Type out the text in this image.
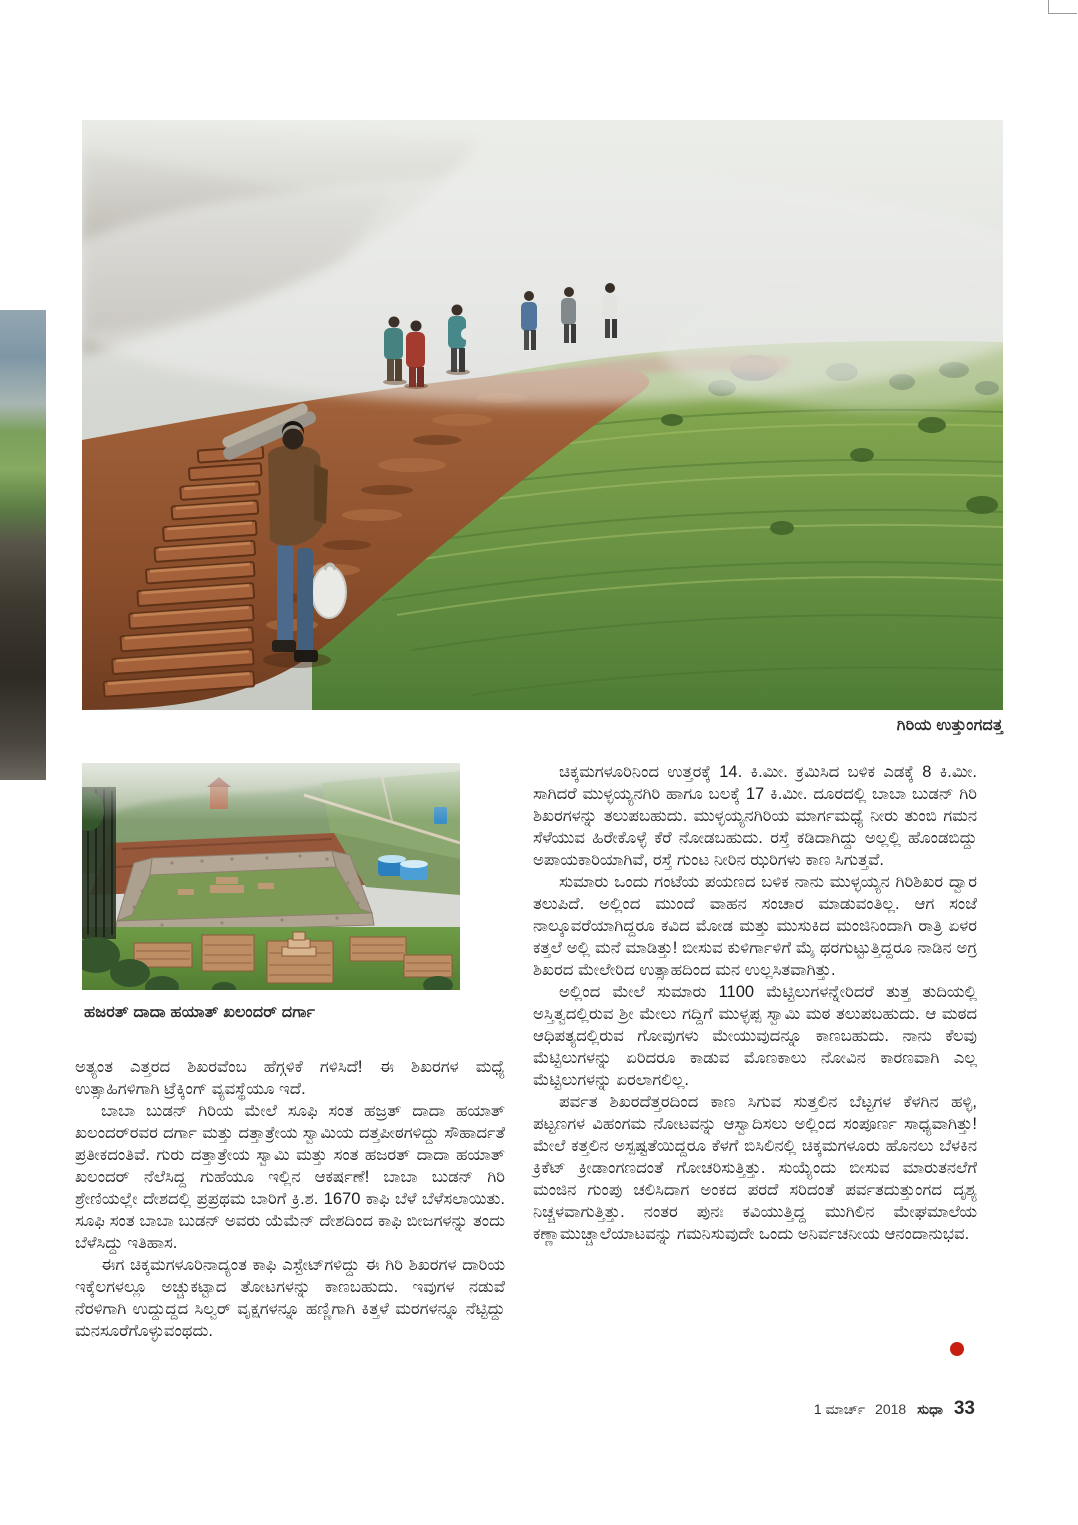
ಗಿರಿಯ ಉತ್ತುಂಗದತ್ತ
ಹಜರತ್ ದಾದಾ ಹಯಾತ್ ಖಲಂದರ್ ದರ್ಗಾ

ಅತ್ಯಂತ ಎತ್ತರದ ಶಿಖರವೆಂಬ ಹೆಗ್ಗಳಿಕೆ ಗಳಿಸಿದೆ! ಈ ಶಿಖರಗಳ ಮಧ್ಯೆ ಉತ್ಸಾಹಿಗಳಿಗಾಗಿ ಟ್ರೆಕ್ಕಿಂಗ್ ವ್ಯವಸ್ಥೆಯೂ ಇದೆ.

ಬಾಬಾ ಬುಡನ್ ಗಿರಿಯ ಮೇಲೆ ಸೂಫಿ ಸಂತ ಹಜ್ರತ್ ದಾದಾ ಹಯಾತ್ ಖಲಂದರ್‌ರವರ ದರ್ಗಾ ಮತ್ತು ದತ್ತಾತ್ರೇಯ ಸ್ವಾಮಿಯ ದತ್ತಪೀಠಗಳಿದ್ದು ಸೌಹಾರ್ದತೆ ಪ್ರತೀಕದಂತಿವೆ. ಗುರು ದತ್ತಾತ್ರೇಯ ಸ್ವಾಮಿ ಮತ್ತು ಸಂತ ಹಜರತ್ ದಾದಾ ಹಯಾತ್ ಖಲಂದರ್ ನೆಲೆಸಿದ್ದ ಗುಹೆಯೂ ಇಲ್ಲಿನ ಆಕರ್ಷಣೆ! ಬಾಬಾ ಬುಡನ್ ಗಿರಿ ಶ್ರೇಣಿಯಲ್ಲೇ ದೇಶದಲ್ಲಿ ಪ್ರಪ್ರಥಮ ಬಾರಿಗೆ ಕ್ರಿ.ಶ. 1670 ಕಾಫಿ ಬೆಳೆ ಬೆಳೆಸಲಾಯಿತು. ಸೂಫಿ ಸಂತ ಬಾಬಾ ಬುಡನ್ ಅವರು ಯೆಮೆನ್ ದೇಶದಿಂದ ಕಾಫಿ ಬೀಜಗಳನ್ನು ತಂದು ಬೆಳೆಸಿದ್ದು ಇತಿಹಾಸ.

ಈಗ ಚಿಕ್ಕಮಗಳೂರಿನಾದ್ಯಂತ ಕಾಫಿ ಎಸ್ಟೇಟ್‌ಗಳಿದ್ದು ಈ ಗಿರಿ ಶಿಖರಗಳ ದಾರಿಯ ಇಕ್ಕೆಲಗಳಲ್ಲೂ ಅಚ್ಚುಕಟ್ಟಾದ ತೋಟಗಳನ್ನು ಕಾಣಬಹುದು. ಇವುಗಳ ನಡುವೆ ನೆರಳಿಗಾಗಿ ಉದ್ದುದ್ದದ ಸಿಲ್ವರ್ ವೃಕ್ಷಗಳನ್ನೂ ಹಣ್ಣಿಗಾಗಿ ಕಿತ್ತಳೆ ಮರಗಳನ್ನೂ ನೆಟ್ಟಿದ್ದು ಮನಸೂರೆಗೊಳ್ಳುವಂಥದು.

ಚಿಕ್ಕಮಗಳೂರಿನಿಂದ ಉತ್ತರಕ್ಕೆ 14. ಕಿ.ಮೀ. ಕ್ರಮಿಸಿದ ಬಳಿಕ ಎಡಕ್ಕೆ 8 ಕಿ.ಮೀ. ಸಾಗಿದರೆ ಮುಳ್ಳಯ್ಯನಗಿರಿ ಹಾಗೂ ಬಲಕ್ಕೆ 17 ಕಿ.ಮೀ. ದೂರದಲ್ಲಿ ಬಾಬಾ ಬುಡನ್ ಗಿರಿ ಶಿಖರಗಳನ್ನು ತಲುಪಬಹುದು. ಮುಳ್ಳಯ್ಯನಗಿರಿಯ ಮಾರ್ಗಮಧ್ಯೆ ನೀರು ತುಂಬಿ ಗಮನ ಸೆಳೆಯುವ ಹಿರೇಕೊಳ್ಳೆ ಕೆರೆ ನೋಡಬಹುದು. ರಸ್ತೆ ಕಡಿದಾಗಿದ್ದು ಅಲ್ಲಲ್ಲಿ ಹೊಂಡಬಿದ್ದು ಅಪಾಯಕಾರಿಯಾಗಿವೆ, ರಸ್ತೆ ಗುಂಟ ನೀರಿನ ಝರಿಗಳು ಕಾಣ ಸಿಗುತ್ತವೆ.

ಸುಮಾರು ಒಂದು ಗಂಟೆಯ ಪಯಣದ ಬಳಿಕ ನಾನು ಮುಳ್ಳಯ್ಯನ ಗಿರಿಶಿಖರ ದ್ವಾರ ತಲುಪಿದೆ. ಅಲ್ಲಿಂದ ಮುಂದೆ ವಾಹನ ಸಂಚಾರ ಮಾಡುವಂತಿಲ್ಲ. ಆಗ ಸಂಜೆ ನಾಲ್ಕೂವರೆಯಾಗಿದ್ದರೂ ಕವಿದ ಮೋಡ ಮತ್ತು ಮುಸುಕಿದ ಮಂಜಿನಿಂದಾಗಿ ರಾತ್ರಿ ಏಳರ ಕತ್ತಲೆ ಅಲ್ಲಿ ಮನೆ ಮಾಡಿತ್ತು! ಬೀಸುವ ಕುಳಿರ್ಗಾಳಿಗೆ ಮೈ ಥರಗುಟ್ಟುತ್ತಿದ್ದರೂ ನಾಡಿನ ಅಗ್ರ ಶಿಖರದ ಮೇಲೇರಿದ ಉತ್ಸಾಹದಿಂದ ಮನ ಉಲ್ಲಸಿತವಾಗಿತ್ತು.

ಅಲ್ಲಿಂದ ಮೇಲೆ ಸುಮಾರು 1100 ಮೆಟ್ಟಿಲುಗಳನ್ನೇರಿದರೆ ತುತ್ತ ತುದಿಯಲ್ಲಿ ಅಸ್ತಿತ್ವದಲ್ಲಿರುವ ಶ್ರೀ ಮೇಲು ಗದ್ದಿಗೆ ಮುಳ್ಳಪ್ಪ ಸ್ವಾಮಿ ಮಠ ತಲುಪಬಹುದು. ಆ ಮಠದ ಆಧಿಪತ್ಯದಲ್ಲಿರುವ ಗೋವುಗಳು ಮೇಯುವುದನ್ನೂ ಕಾಣಬಹುದು. ನಾನು ಕೆಲವು ಮೆಟ್ಟಿಲುಗಳನ್ನು ಏರಿದರೂ ಕಾಡುವ ಮೊಣಕಾಲು ನೋವಿನ ಕಾರಣವಾಗಿ ಎಲ್ಲ ಮೆಟ್ಟಿಲುಗಳನ್ನು ಏರಲಾಗಲಿಲ್ಲ.

ಪರ್ವತ ಶಿಖರದೆತ್ತರದಿಂದ ಕಾಣ ಸಿಗುವ ಸುತ್ತಲಿನ ಬೆಟ್ಟಗಳ ಕೆಳಗಿನ ಹಳ್ಳಿ, ಪಟ್ಟಣಗಳ ವಿಹಂಗಮ ನೋಟವನ್ನು ಆಸ್ವಾದಿಸಲು ಅಲ್ಲಿಂದ ಸಂಪೂರ್ಣ ಸಾಧ್ಯವಾಗಿತ್ತು! ಮೇಲೆ ಕತ್ತಲಿನ ಅಸ್ಪಷ್ಟತೆಯಿದ್ದರೂ ಕೆಳಗೆ ಬಿಸಿಲಿನಲ್ಲಿ ಚಿಕ್ಕಮಗಳೂರು ಹೊನಲು ಬೆಳಕಿನ ಕ್ರಿಕೆಟ್ ಕ್ರೀಡಾಂಗಣದಂತೆ ಗೋಚರಿಸುತ್ತಿತ್ತು. ಸುಯ್ಯೆಂದು ಬೀಸುವ ಮಾರುತನಲೆಗೆ ಮಂಜಿನ ಗುಂಪು ಚಲಿಸಿದಾಗ ಅಂಕದ ಪರದೆ ಸರಿದಂತೆ ಪರ್ವತದುತ್ತುಂಗದ ದೃಶ್ಯ ನಿಚ್ಚಳವಾಗುತ್ತಿತ್ತು. ನಂತರ ಪುನಃ ಕವಿಯುತ್ತಿದ್ದ ಮುಗಿಲಿನ ಮೇಘಮಾಲೆಯ ಕಣ್ಣಾಮುಚ್ಚಾಲೆಯಾಟವನ್ನು ಗಮನಿಸುವುದೇ ಒಂದು ಅನಿರ್ವಚನೀಯ ಆನಂದಾನುಭವ.

1 ಮಾರ್ಚ್ 2018 ಸುಧಾ 33
